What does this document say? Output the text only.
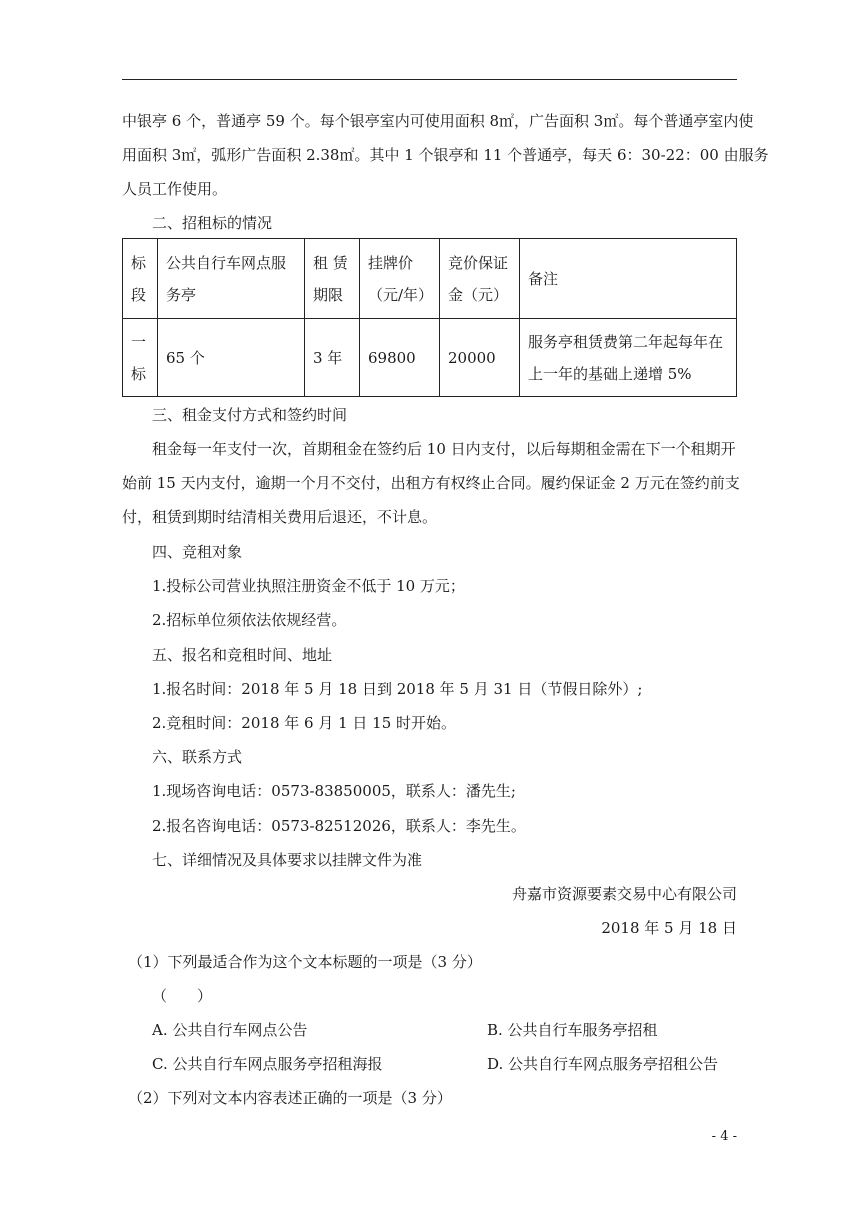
中银亭 6 个，普通亭 59 个。每个银亭室内可使用面积 8㎡，广告面积 3㎡。每个普通亭室内使
用面积 3㎡，弧形广告面积 2.38㎡。其中 1 个银亭和 11 个普通亭，每天 6：30-22：00 由服务
人员工作使用。
二、招租标的情况
标段	公共自行车网点服务亭	租 赁期限	挂牌价（元/年）	竞价保证金（元）	备注
一标	65 个	3 年	69800	20000	服务亭租赁费第二年起每年在上一年的基础上递增 5%
三、租金支付方式和签约时间
租金每一年支付一次，首期租金在签约后 10 日内支付，以后每期租金需在下一个租期开
始前 15 天内支付，逾期一个月不交付，出租方有权终止合同。履约保证金 2 万元在签约前支
付，租赁到期时结清相关费用后退还，不计息。
四、竞租对象
1.投标公司营业执照注册资金不低于 10 万元；
2.招标单位须依法依规经营。
五、报名和竞租时间、地址
1.报名时间：2018 年 5 月 18 日到 2018 年 5 月 31 日（节假日除外）;
2.竞租时间：2018 年 6 月 1 日 15 时开始。
六、联系方式
1.现场咨询电话：0573-83850005，联系人：潘先生;
2.报名咨询电话：0573-82512026，联系人：李先生。
七、详细情况及具体要求以挂牌文件为准
舟嘉市资源要素交易中心有限公司
2018 年 5 月 18 日
（1）下列最适合作为这个文本标题的一项是（3 分）
（　　）
A. 公共自行车网点公告	B. 公共自行车服务亭招租
C. 公共自行车网点服务亭招租海报	D. 公共自行车网点服务亭招租公告
（2）下列对文本内容表述正确的一项是（3 分）
- 4 -
